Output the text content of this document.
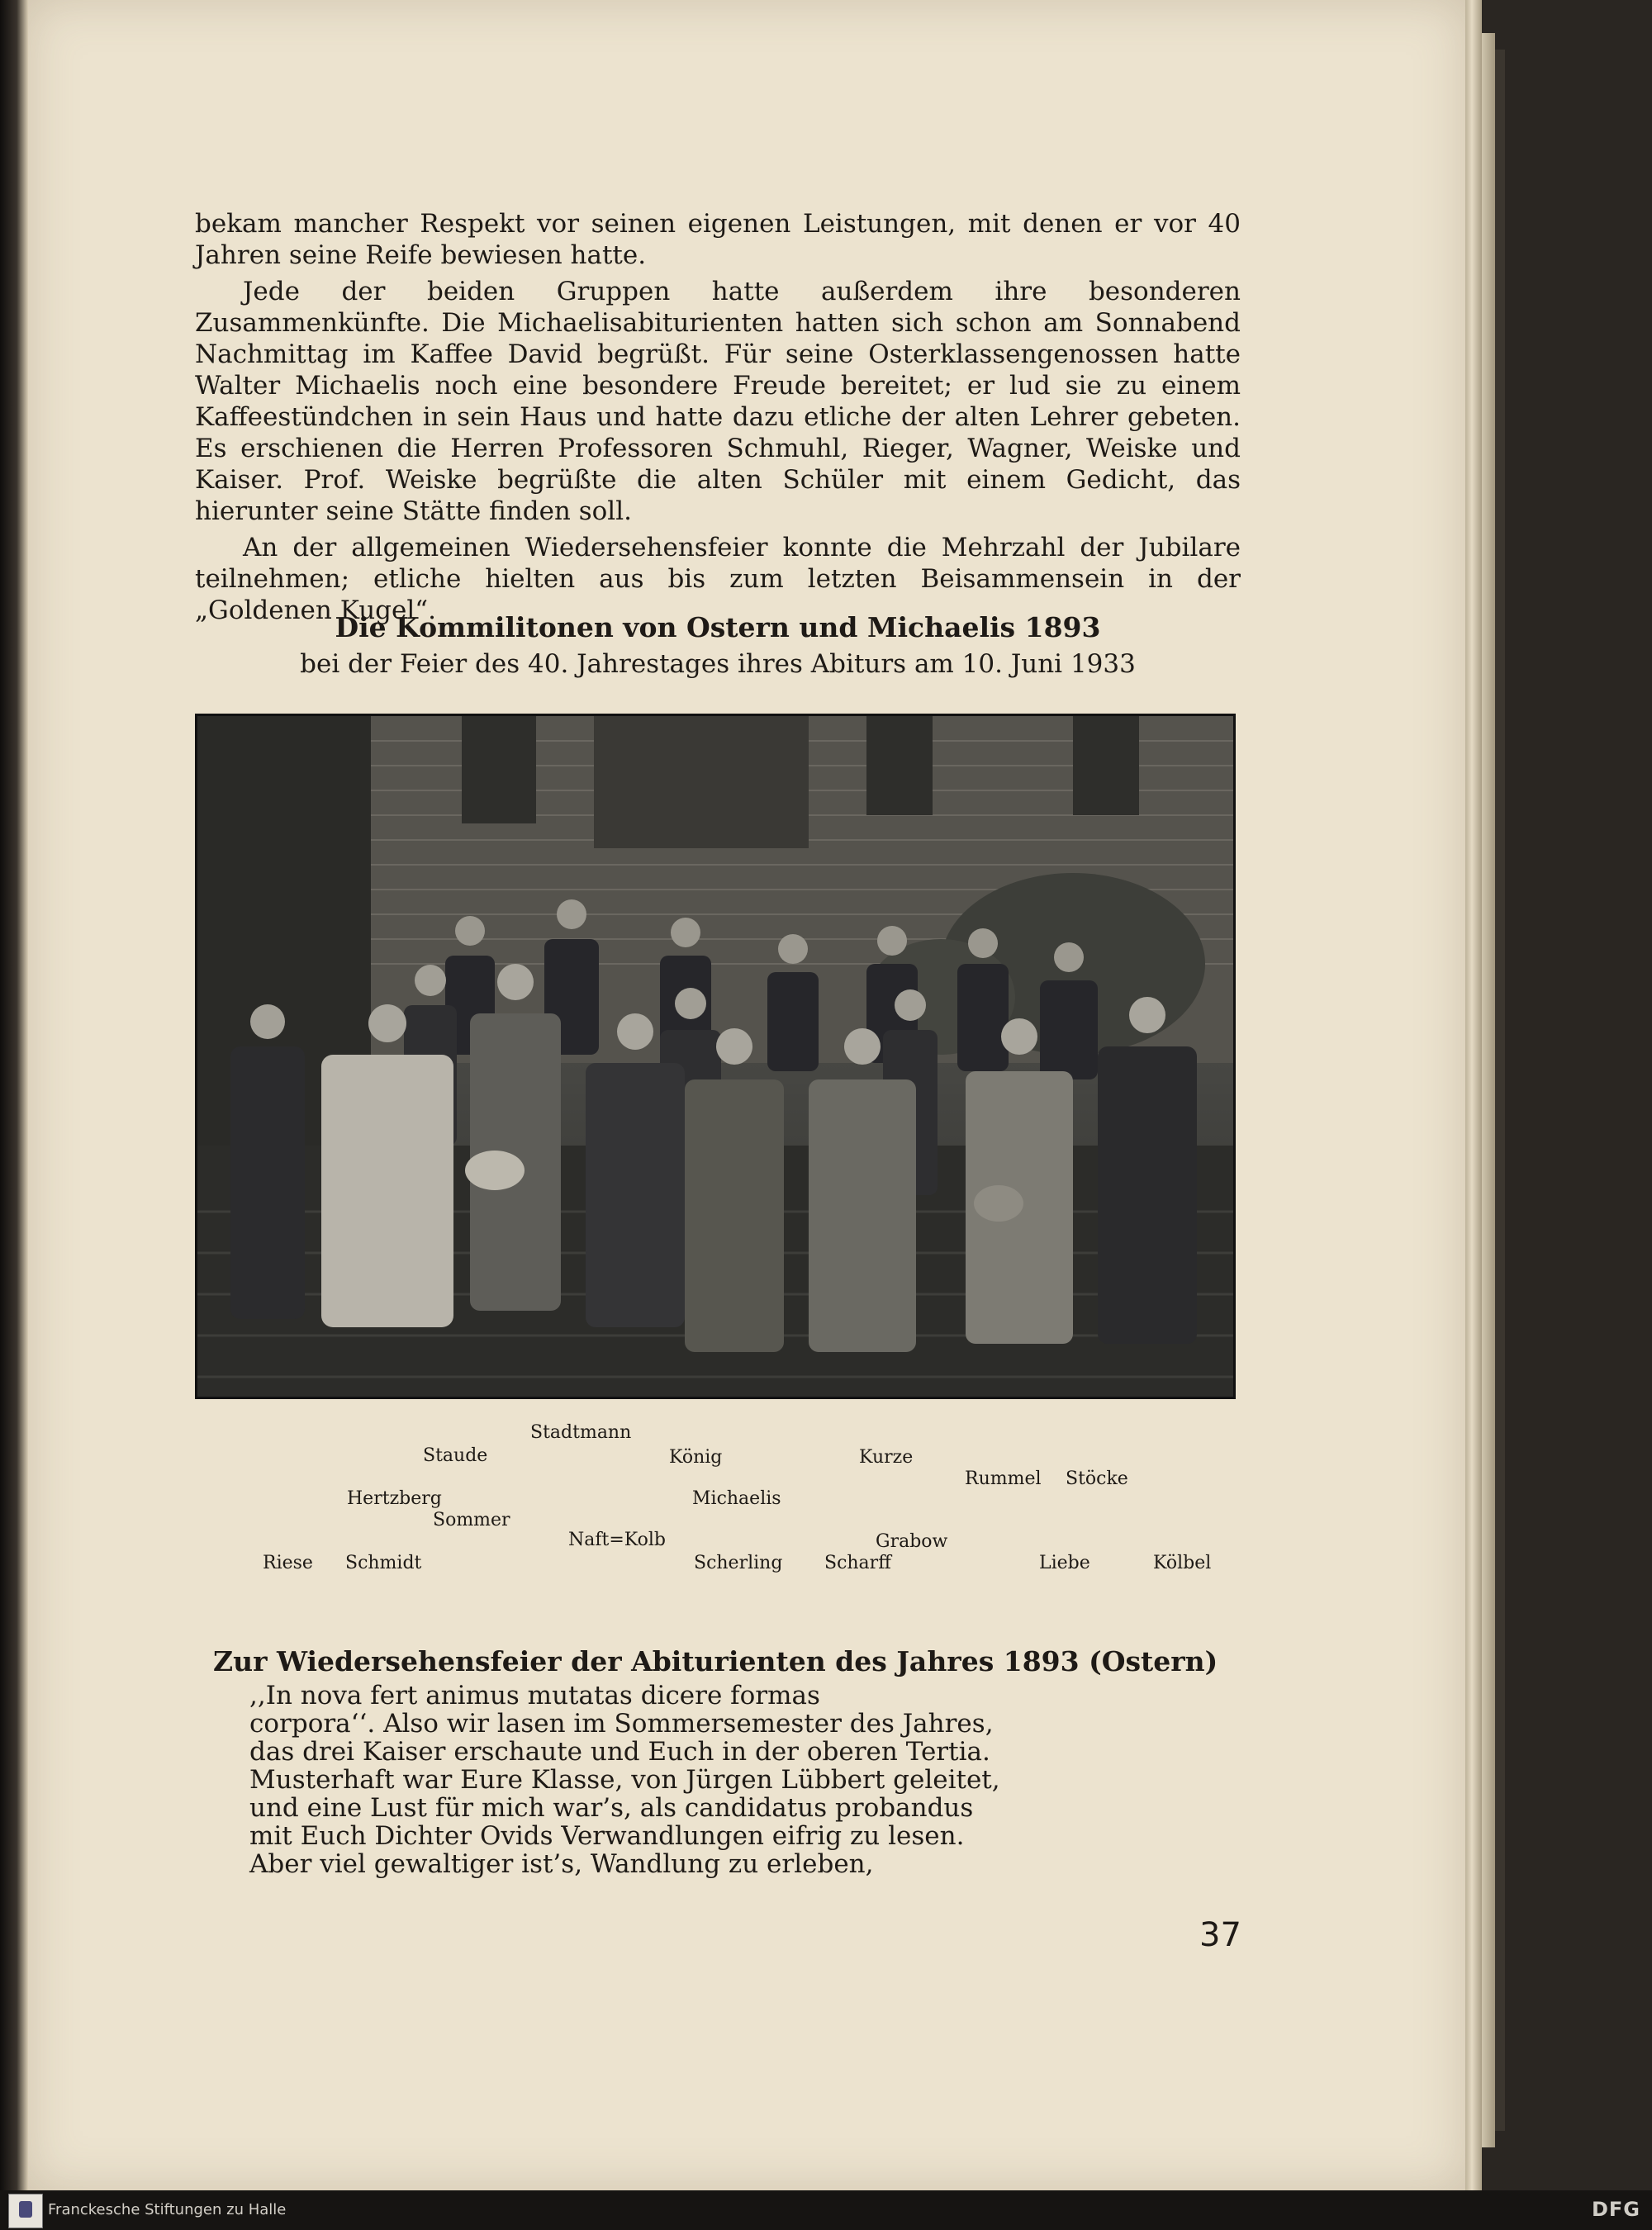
bekam mancher Respekt vor seinen eigenen Leistungen, mit denen er vor 40 Jahren seine Reife bewiesen hatte.

Jede der beiden Gruppen hatte außerdem ihre besonderen Zusammenkünfte. Die Michaelisabiturienten hatten sich schon am Sonnabend Nachmittag im Kaffee David begrüßt. Für seine Osterklassengenossen hatte Walter Michaelis noch eine besondere Freude bereitet; er lud sie zu einem Kaffeestündchen in sein Haus und hatte dazu etliche der alten Lehrer gebeten. Es erschienen die Herren Professoren Schmuhl, Rieger, Wagner, Weiske und Kaiser. Prof. Weiske begrüßte die alten Schüler mit einem Gedicht, das hierunter seine Stätte finden soll.

An der allgemeinen Wiedersehensfeier konnte die Mehrzahl der Jubilare teilnehmen; etliche hielten aus bis zum letzten Beisammensein in der „Goldenen Kugel“.

Die Kommilitonen von Ostern und Michaelis 1893
bei der Feier des 40. Jahrestages ihres Abiturs am 10. Juni 1933
Stadtmann
Staude	König	Kurze
Rummel Stöcke
Hertzberg	Michaelis
Sommer
Naft=Kolb	Grabow
Riese Schmidt	Scherling Scharff	Liebe	Kölbel
Zur Wiedersehensfeier der Abiturienten des Jahres 1893 (Ostern)
,,In nova fert animus mutatas dicere formas
corpora‘‘. Also wir lasen im Sommersemester des Jahres,
das drei Kaiser erschaute und Euch in der oberen Tertia.
Musterhaft war Eure Klasse, von Jürgen Lübbert geleitet,
und eine Lust für mich war’s, als candidatus probandus
mit Euch Dichter Ovids Verwandlungen eifrig zu lesen.
Aber viel gewaltiger ist’s, Wandlung zu erleben,
37
Franckesche Stiftungen zu Halle	DFG
